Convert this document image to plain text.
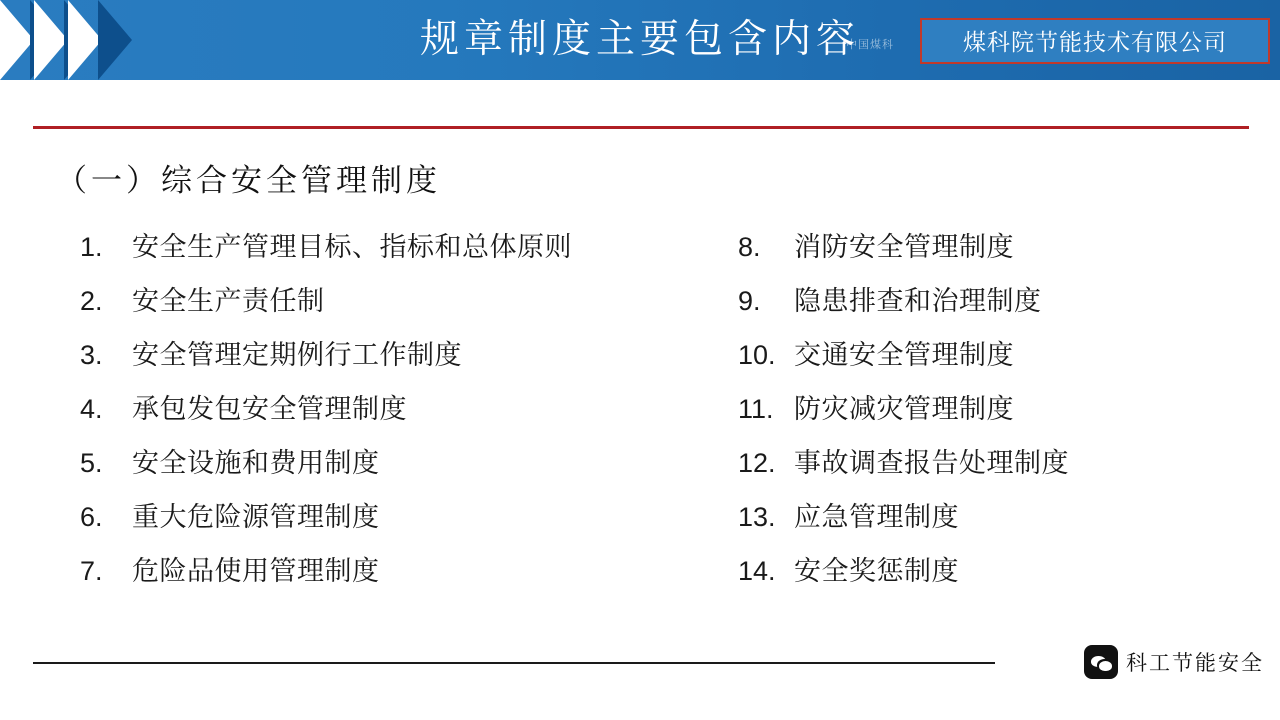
规章制度主要包含内容
中国煤科	煤科院节能技术有限公司
（一）综合安全管理制度
1.	安全生产管理目标、指标和总体原则
2.	安全生产责任制
3.	安全管理定期例行工作制度
4.	承包发包安全管理制度
5.	安全设施和费用制度
6.	重大危险源管理制度
7.	危险品使用管理制度
8.	消防安全管理制度
9.	隐患排查和治理制度
10. 交通安全管理制度
11. 防灾减灾管理制度
12. 事故调查报告处理制度
13. 应急管理制度
14. 安全奖惩制度
科工节能安全
